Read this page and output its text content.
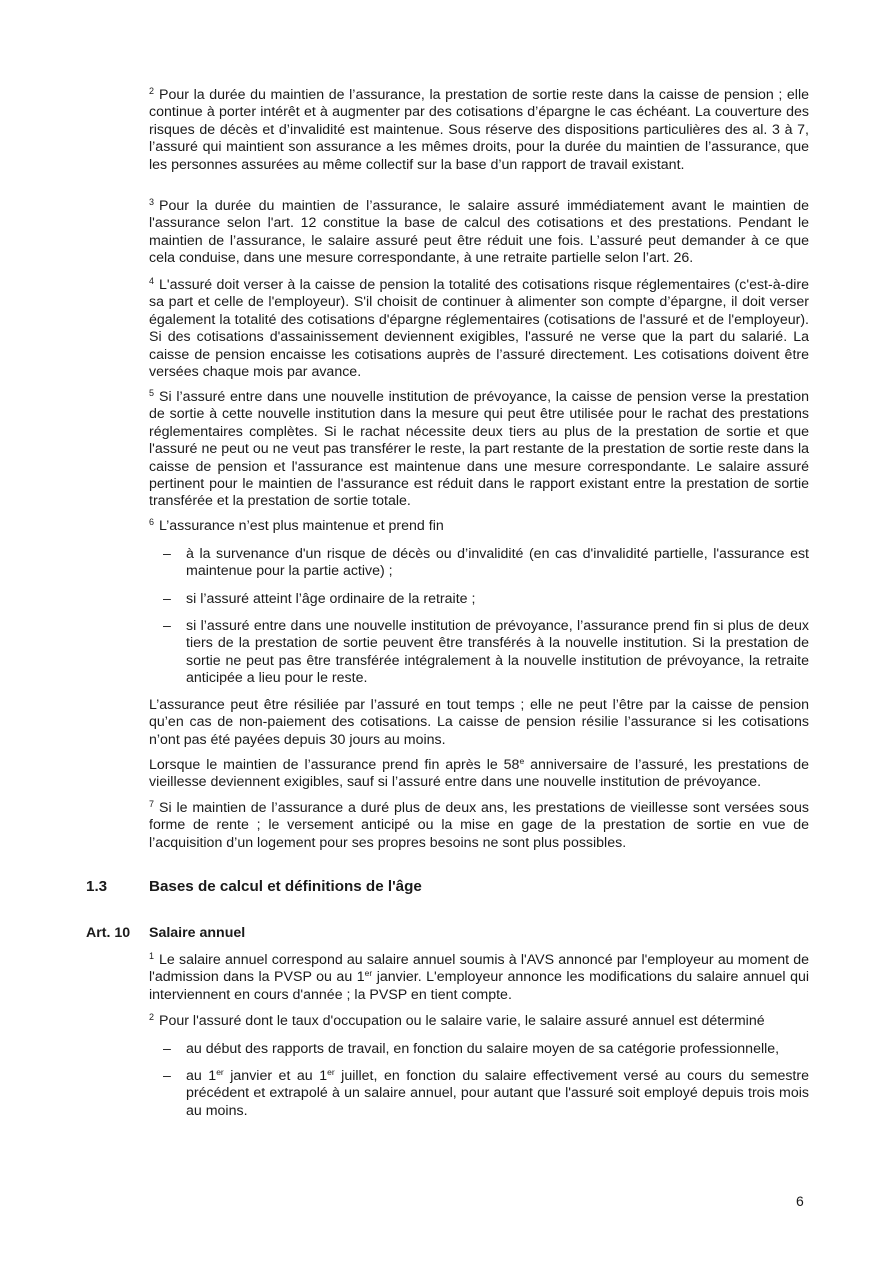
$^2$ Pour la durée du maintien de l’assurance, la prestation de sortie reste dans la caisse de pension ; elle continue à porter intérêt et à augmenter par des cotisations d’épargne le cas échéant. La couverture des risques de décès et d’invalidité est maintenue. Sous réserve des dispositions particulières des al. 3 à 7, l’assuré qui maintient son assurance a les mêmes droits, pour la durée du maintien de l’assurance, que les personnes assurées au même collectif sur la base d’un rapport de travail existant.

$^3$ Pour la durée du maintien de l’assurance, le salaire assuré immédiatement avant le maintien de l'assurance selon l'art. 12 constitue la base de calcul des cotisations et des prestations. Pendant le maintien de l’assurance, le salaire assuré peut être réduit une fois. L’assuré peut demander à ce que cela conduise, dans une mesure correspondante, à une retraite partielle selon l’art. 26.

$^4$ L'assuré doit verser à la caisse de pension la totalité des cotisations risque réglementaires (c'est-à-dire sa part et celle de l'employeur). S'il choisit de continuer à alimenter son compte d’épargne, il doit verser également la totalité des cotisations d'épargne réglementaires (cotisations de l'assuré et de l'employeur). Si des cotisations d'assainissement deviennent exigibles, l'assuré ne verse que la part du salarié. La caisse de pension encaisse les cotisations auprès de l’assuré directement. Les cotisations doivent être versées chaque mois par avance.

$^5$ Si l’assuré entre dans une nouvelle institution de prévoyance, la caisse de pension verse la prestation de sortie à cette nouvelle institution dans la mesure qui peut être utilisée pour le rachat des prestations réglementaires complètes. Si le rachat nécessite deux tiers au plus de la prestation de sortie et que l'assuré ne peut ou ne veut pas transférer le reste, la part restante de la prestation de sortie reste dans la caisse de pension et l'assurance est maintenue dans une mesure correspondante. Le salaire assuré pertinent pour le maintien de l'assurance est réduit dans le rapport existant entre la prestation de sortie transférée et la prestation de sortie totale.

$^6$ L’assurance n’est plus maintenue et prend fin

– à la survenance d'un risque de décès ou d’invalidité (en cas d'invalidité partielle, l'assurance est maintenue pour la partie active) ;
– si l’assuré atteint l’âge ordinaire de la retraite ;
– si l’assuré entre dans une nouvelle institution de prévoyance, l’assurance prend fin si plus de deux tiers de la prestation de sortie peuvent être transférés à la nouvelle institution. Si la prestation de sortie ne peut pas être transférée intégralement à la nouvelle institution de prévoyance, la retraite anticipée a lieu pour le reste.

L’assurance peut être résiliée par l’assuré en tout temps ; elle ne peut l’être par la caisse de pension qu’en cas de non-paiement des cotisations. La caisse de pension résilie l’assurance si les cotisations n’ont pas été payées depuis 30 jours au moins.

Lorsque le maintien de l’assurance prend fin après le 58e anniversaire de l’assuré, les prestations de vieillesse deviennent exigibles, sauf si l’assuré entre dans une nouvelle institution de prévoyance.

$^7$ Si le maintien de l’assurance a duré plus de deux ans, les prestations de vieillesse sont versées sous forme de rente ; le versement anticipé ou la mise en gage de la prestation de sortie en vue de l’acquisition d’un logement pour ses propres besoins ne sont plus possibles.

1.3	Bases de calcul et définitions de l'âge
Art. 10 Salaire annuel

$^1$ Le salaire annuel correspond au salaire annuel soumis à l'AVS annoncé par l'employeur au moment de l'admission dans la PVSP ou au 1er janvier. L'employeur annonce les modifications du salaire annuel qui interviennent en cours d'année ; la PVSP en tient compte.

$^2$ Pour l'assuré dont le taux d'occupation ou le salaire varie, le salaire assuré annuel est déterminé

– au début des rapports de travail, en fonction du salaire moyen de sa catégorie professionnelle,
– au 1er janvier et au 1er juillet, en fonction du salaire effectivement versé au cours du semestre précédent et extrapolé à un salaire annuel, pour autant que l'assuré soit employé depuis trois mois au moins.
6
